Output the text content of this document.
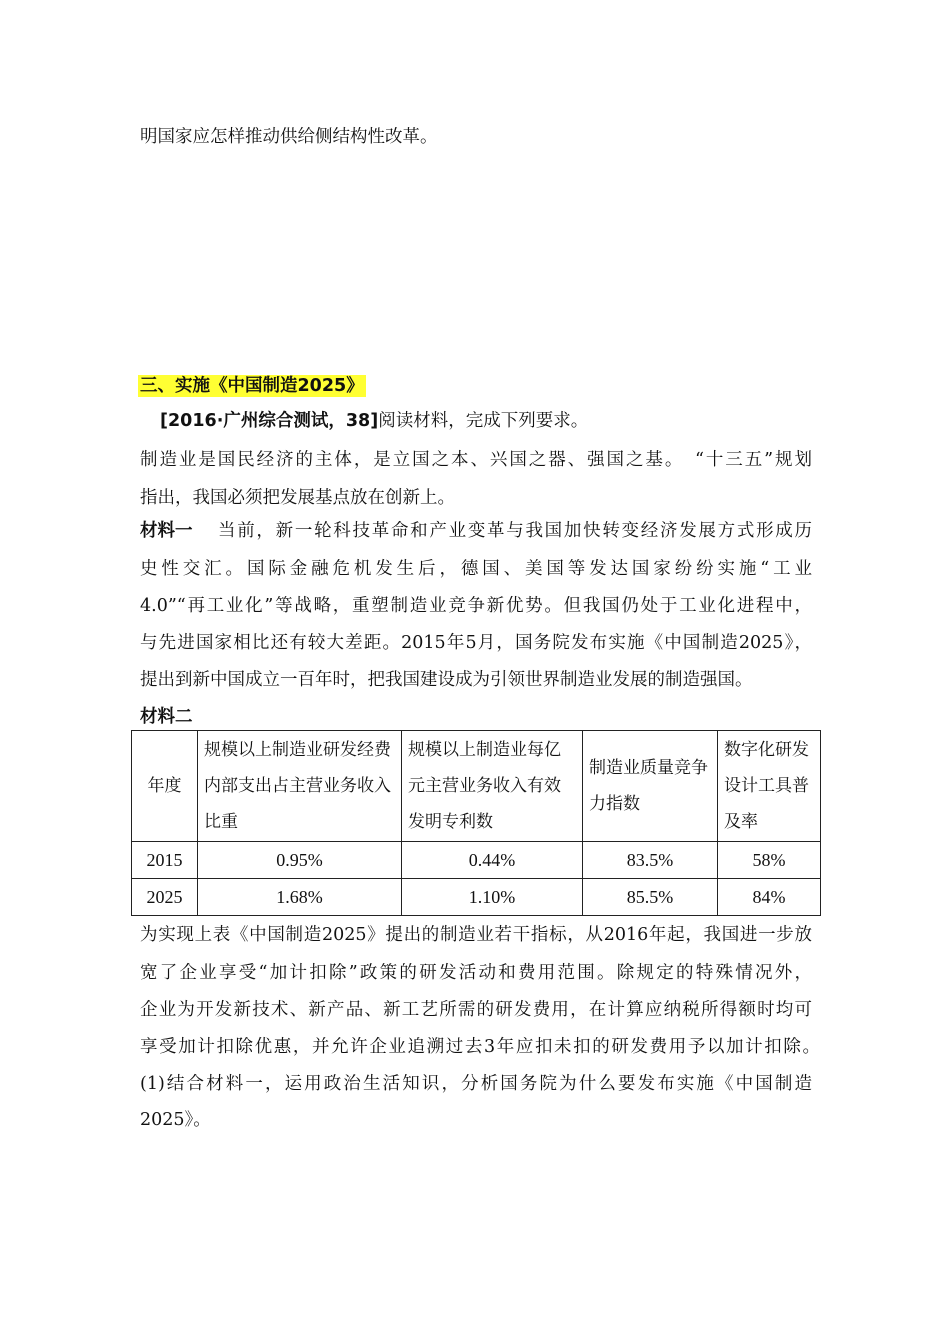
明国家应怎样推动供给侧结构性改革。
三、实施《中国制造2025》
[2016·广州综合测试，38]阅读材料，完成下列要求。
制造业是国民经济的主体，是立国之本、兴国之器、强国之基。　“十三五”规划
指出，我国必须把发展基点放在创新上。
材料一 当前，新一轮科技革命和产业变革与我国加快转变经济发展方式形成历
史性交汇。国际金融危机发生后，德国、美国等发达国家纷纷实施“工业
4.0”“再工业化”等战略，重塑制造业竞争新优势。但我国仍处于工业化进程中，
与先进国家相比还有较大差距。2015年5月，国务院发布实施《中国制造2025》，
提出到新中国成立一百年时，把我国建设成为引领世界制造业发展的制造强国。
材料二
年度	规模以上制造业研发经费内部支出占主营业务收入比重	规模以上制造业每亿元主营业务收入有效发明专利数	制造业质量竞争力指数	数字化研发设计工具普及率
2015	0.95%	0.44%	83.5%	58%
2025	1.68%	1.10%	85.5%	84%
为实现上表《中国制造2025》提出的制造业若干指标，从2016年起，我国进一步放
宽了企业享受“加计扣除”政策的研发活动和费用范围。除规定的特殊情况外，
企业为开发新技术、新产品、新工艺所需的研发费用，在计算应纳税所得额时均可
享受加计扣除优惠，并允许企业追溯过去3年应扣未扣的研发费用予以加计扣除。
(1)结合材料一，运用政治生活知识，分析国务院为什么要发布实施《中国制造
2025》。
